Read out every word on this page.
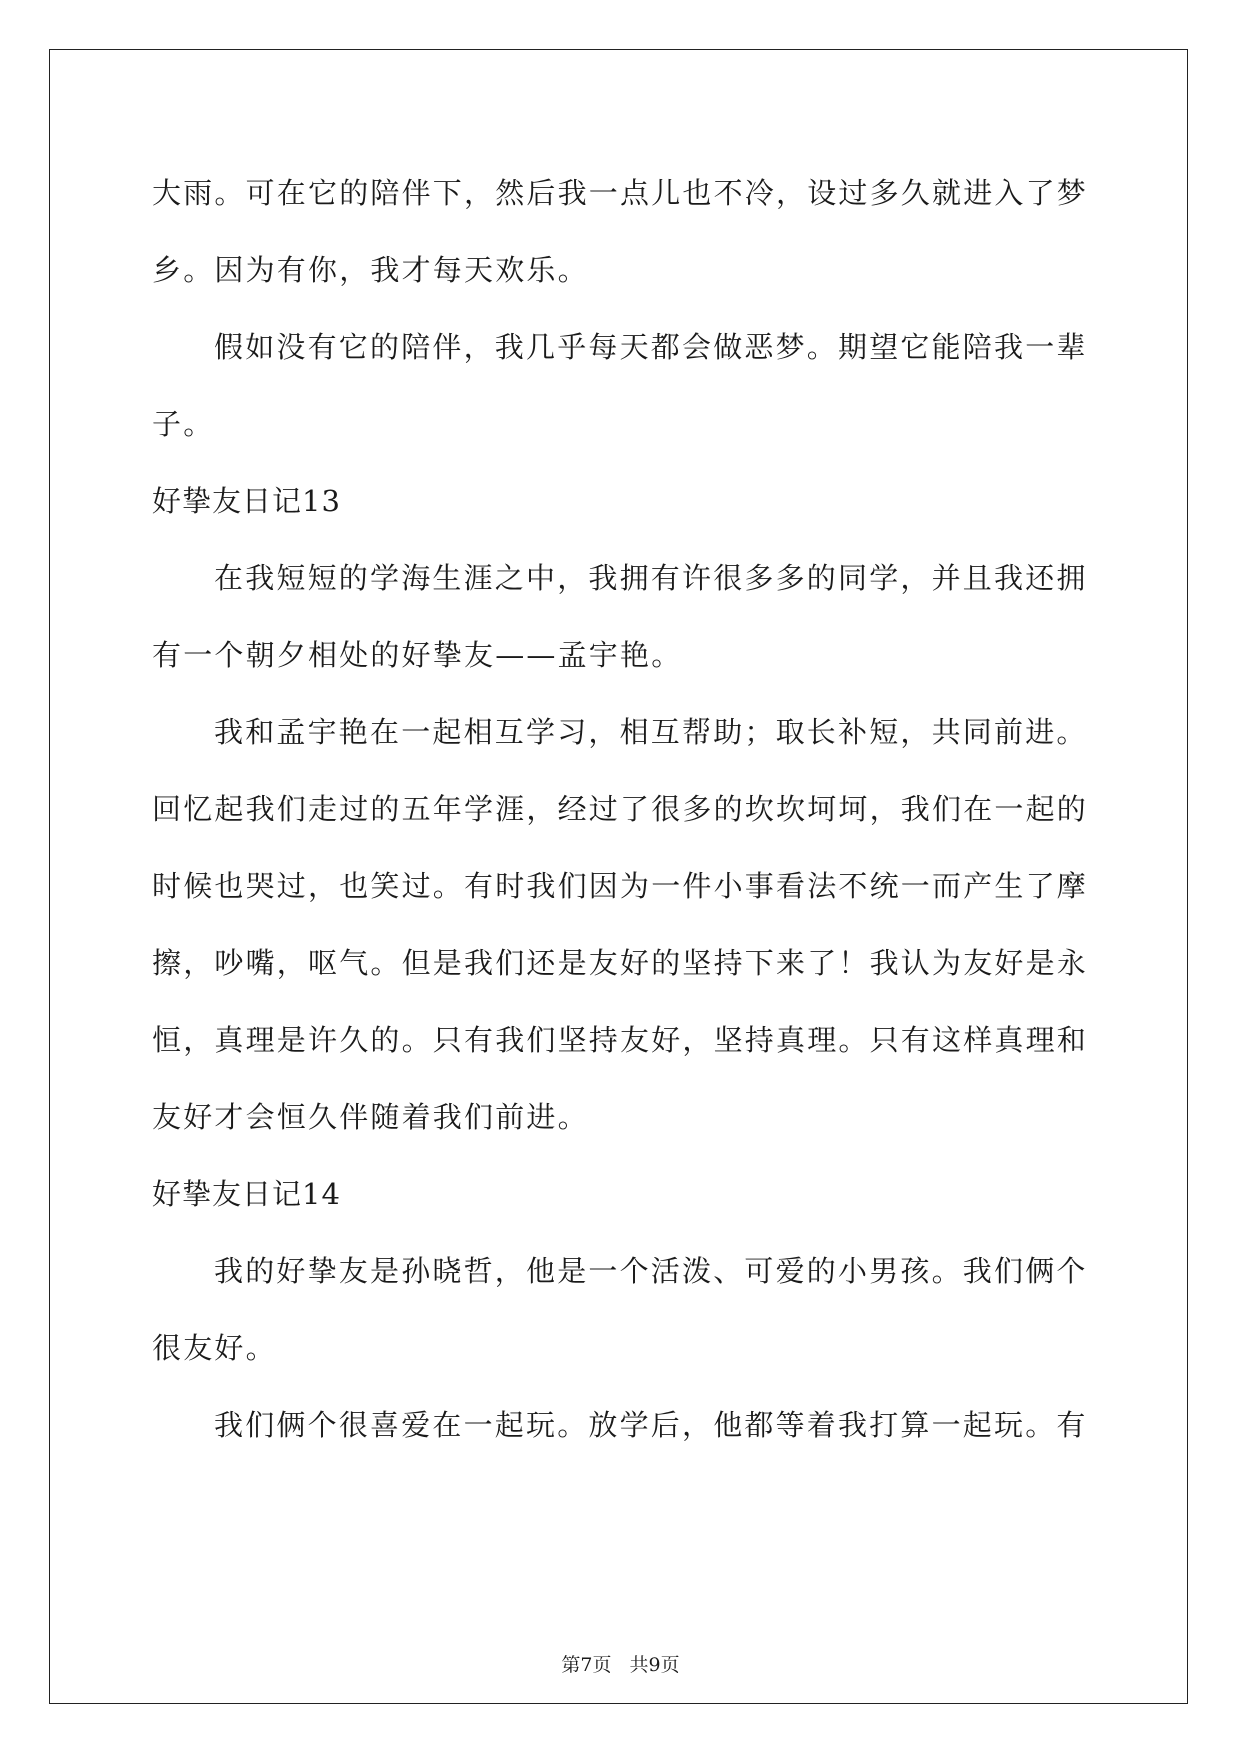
大雨。可在它的陪伴下，然后我一点儿也不冷，设过多久就进入了梦
乡。因为有你，我才每天欢乐。
假如没有它的陪伴，我几乎每天都会做恶梦。期望它能陪我一辈
子。
好挚友日记13
在我短短的学海生涯之中，我拥有许很多多的同学，并且我还拥
有一个朝夕相处的好挚友——孟宇艳。
我和孟宇艳在一起相互学习，相互帮助；取长补短，共同前进。
回忆起我们走过的五年学涯，经过了很多的坎坎坷坷，我们在一起的
时候也哭过，也笑过。有时我们因为一件小事看法不统一而产生了摩
擦，吵嘴，呕气。但是我们还是友好的坚持下来了！我认为友好是永
恒，真理是许久的。只有我们坚持友好，坚持真理。只有这样真理和
友好才会恒久伴随着我们前进。
好挚友日记14
我的好挚友是孙晓哲，他是一个活泼、可爱的小男孩。我们俩个
很友好。
我们俩个很喜爱在一起玩。放学后，他都等着我打算一起玩。有
第7页 共9页
